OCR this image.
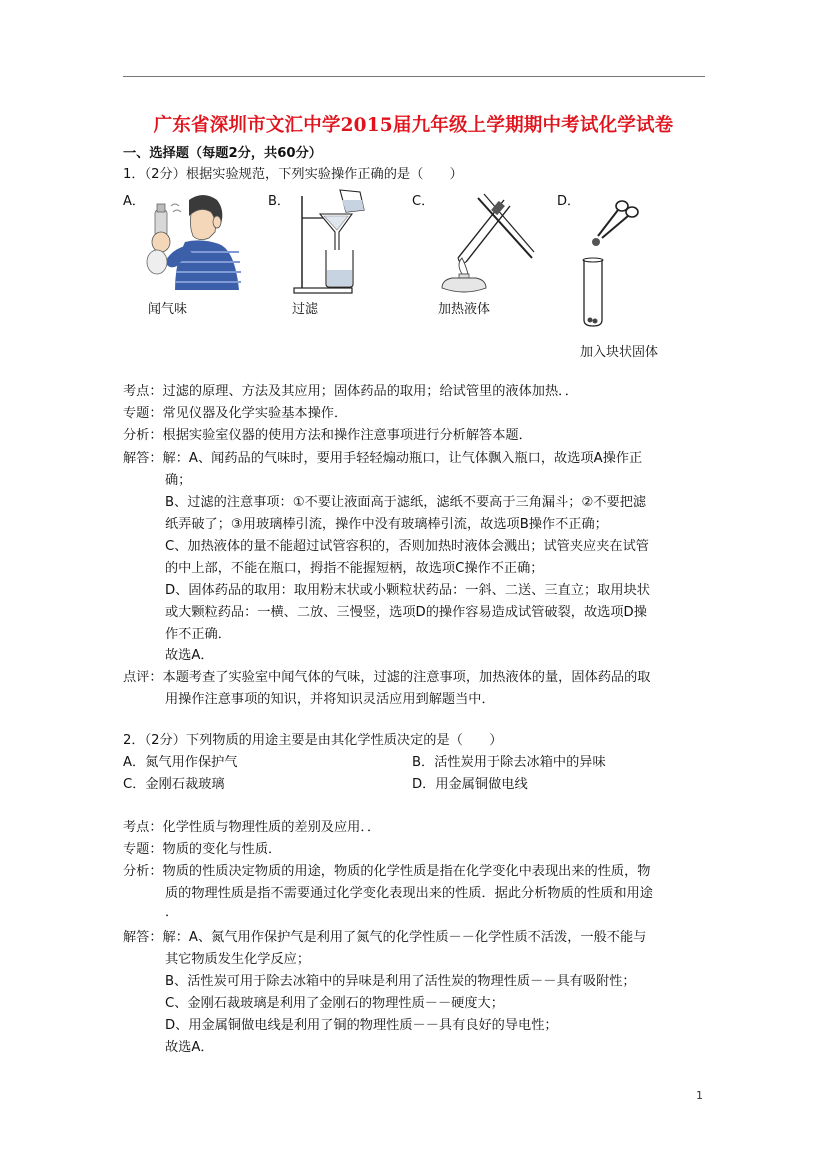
广东省深圳市文汇中学2015届九年级上学期期中考试化学试卷
一、选择题（每题2分，共60分）
1．（2分）根据实验规范，下列实验操作正确的是（　　）
A．	B．	C．	D．
闻气味	过滤	加热液体
加入块状固体
考点：过滤的原理、方法及其应用；固体药品的取用；给试管里的液体加热．．
专题：常见仪器及化学实验基本操作．
分析：根据实验室仪器的使用方法和操作注意事项进行分析解答本题．
解答：解：A、闻药品的气味时，要用手轻轻煽动瓶口，让气体飘入瓶口，故选项A操作正
确；
B、过滤的注意事项：①不要让液面高于滤纸，滤纸不要高于三角漏斗；②不要把滤
纸弄破了；③用玻璃棒引流，操作中没有玻璃棒引流，故选项B操作不正确；
C、加热液体的量不能超过试管容积的，否则加热时液体会溅出；试管夹应夹在试管
的中上部，不能在瓶口，拇指不能握短柄，故选项C操作不正确；
D、固体药品的取用：取用粉末状或小颗粒状药品：一斜、二送、三直立；取用块状
或大颗粒药品：一横、二放、三慢竖，选项D的操作容易造成试管破裂，故选项D操
作不正确．
故选A．
点评：本题考查了实验室中闻气体的气味，过滤的注意事项，加热液体的量，固体药品的取
用操作注意事项的知识，并将知识灵活应用到解题当中．
2．（2分）下列物质的用途主要是由其化学性质决定的是（　　）
A．氮气用作保护气	B．活性炭用于除去冰箱中的异味
C．金刚石裁玻璃	D．用金属铜做电线
考点：化学性质与物理性质的差别及应用．．
专题：物质的变化与性质．
分析：物质的性质决定物质的用途，物质的化学性质是指在化学变化中表现出来的性质，物
质的物理性质是指不需要通过化学变化表现出来的性质．据此分析物质的性质和用途
．
解答：解：A、氮气用作保护气是利用了氮气的化学性质－－化学性质不活泼，一般不能与
其它物质发生化学反应；
B、活性炭可用于除去冰箱中的异味是利用了活性炭的物理性质－－具有吸附性；
C、金刚石裁玻璃是利用了金刚石的物理性质－－硬度大；
D、用金属铜做电线是利用了铜的物理性质－－具有良好的导电性；
故选A．
1
